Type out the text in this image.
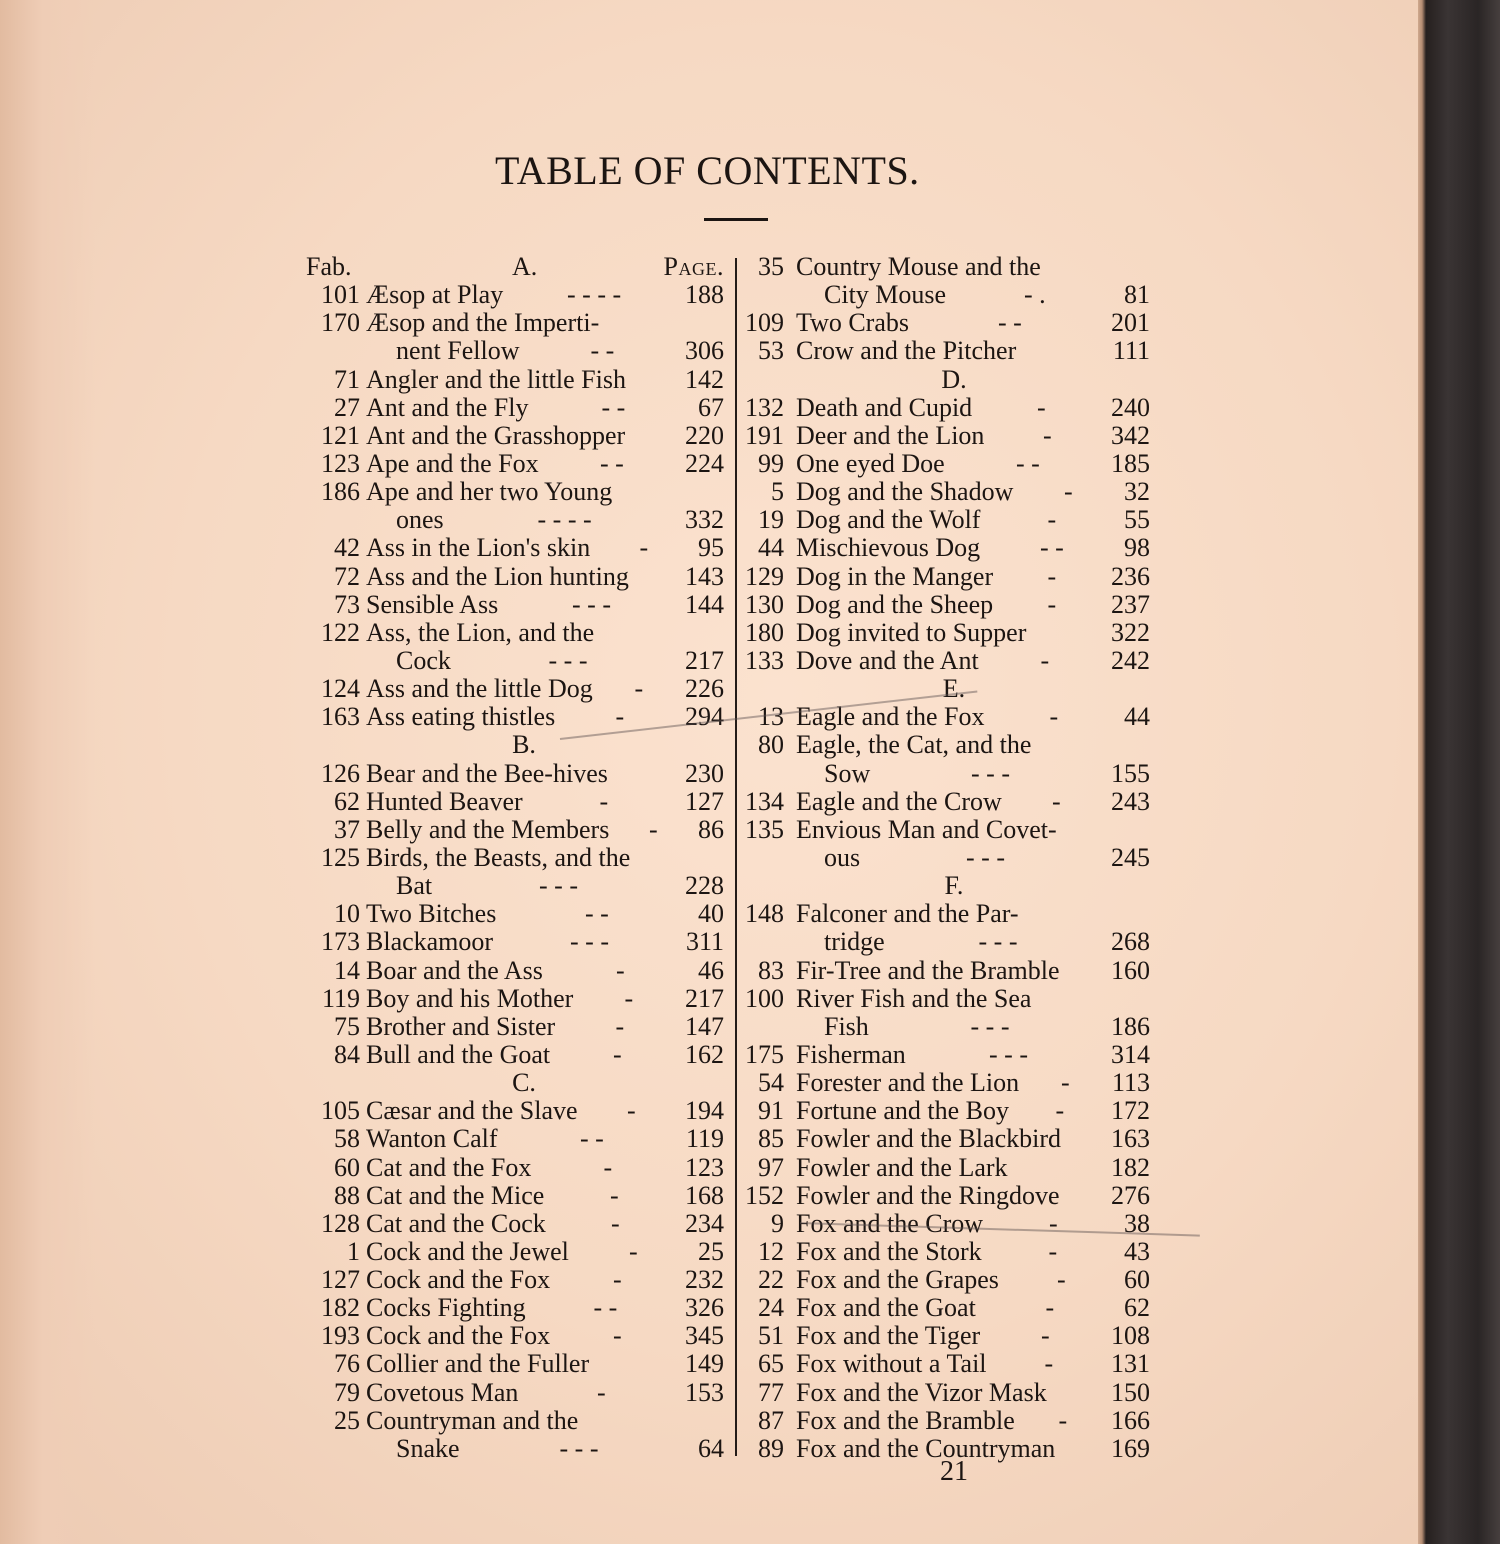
TABLE OF CONTENTS.
Fab.	A.	Page.
101 Æsop at Play - - - - 188
170 Æsop and the Imperti-
nent Fellow	- -	306
71 Angler and the little Fish 142
27 Ant and the Fly	- -	67
121 Ant and the Grasshopper 220
123 Ape and the Fox - - 224
186 Ape and her two Young
ones	- - - -	332
42 Ass in the Lion's skin - 95
72 Ass and the Lion hunting 143
73 Sensible Ass	- - -	144
122 Ass, the Lion, and the
Cock	- - -	217
124 Ass and the little Dog - 226
163 Ass eating thistles - 294
B.
126 Bear and the Bee-hives	230
62 Hunted Beaver	-	127
37 Belly and the Members - 86
125 Birds, the Beasts, and the
Bat	- - -	228
10 Two Bitches	- -	40
173 Blackamoor	- - -	311
14 Boar and the Ass	-	46
119 Boy and his Mother - 217
75 Brother and Sister - 147
84 Bull and the Goat - 162
C.
105 Cæsar and the Slave - 194
58 Wanton Calf	- -	119
60 Cat and the Fox	-	123
88 Cat and the Mice	-	168
128 Cat and the Cock	-	234
1 Cock and the Jewel - 25
127 Cock and the Fox - 232
182 Cocks Fighting	- -	326
193 Cock and the Fox - 345
76 Collier and the Fuller	149
79 Covetous Man	-	153
25 Countryman and the
Snake	- - -	64
35 Country Mouse and the
City Mouse	- .	81
109 Two Crabs	- -	201
53 Crow and the Pitcher	111
D.
132 Death and Cupid -	240
191 Deer and the Lion - 342
99 One eyed Doe	- -	185
5 Dog and the Shadow - 32
19 Dog and the Wolf	-	55
44 Mischievous Dog - - 98
129 Dog in the Manger - 236
130 Dog and the Sheep - 237
180 Dog invited to Supper	322
133 Dove and the Ant - 242
E.
13 Eagle and the Fox	-	44
80 Eagle, the Cat, and the
Sow	- - -	155
134 Eagle and the Crow - 243
135 Envious Man and Covet-
ous	- - -	245
F.
148 Falconer and the Par-
tridge	- - -	268
83 Fir-Tree and the Bramble 160
100 River Fish and the Sea
Fish	- - -	186
175 Fisherman	- - -	314
54 Forester and the Lion - 113
91 Fortune and the Boy - 172
85 Fowler and the Blackbird 163
97 Fowler and the Lark	182
152 Fowler and the Ringdove 276
9 Fox and the Crow	-	38
12 Fox and the Stork	-	43
22 Fox and the Grapes - 60
24 Fox and the Goat	-	62
51 Fox and the Tiger - 108
65 Fox without a Tail - 131
77 Fox and the Vizor Mask 150
87 Fox and the Bramble - 166
89 Fox and the Countryman 169
21
